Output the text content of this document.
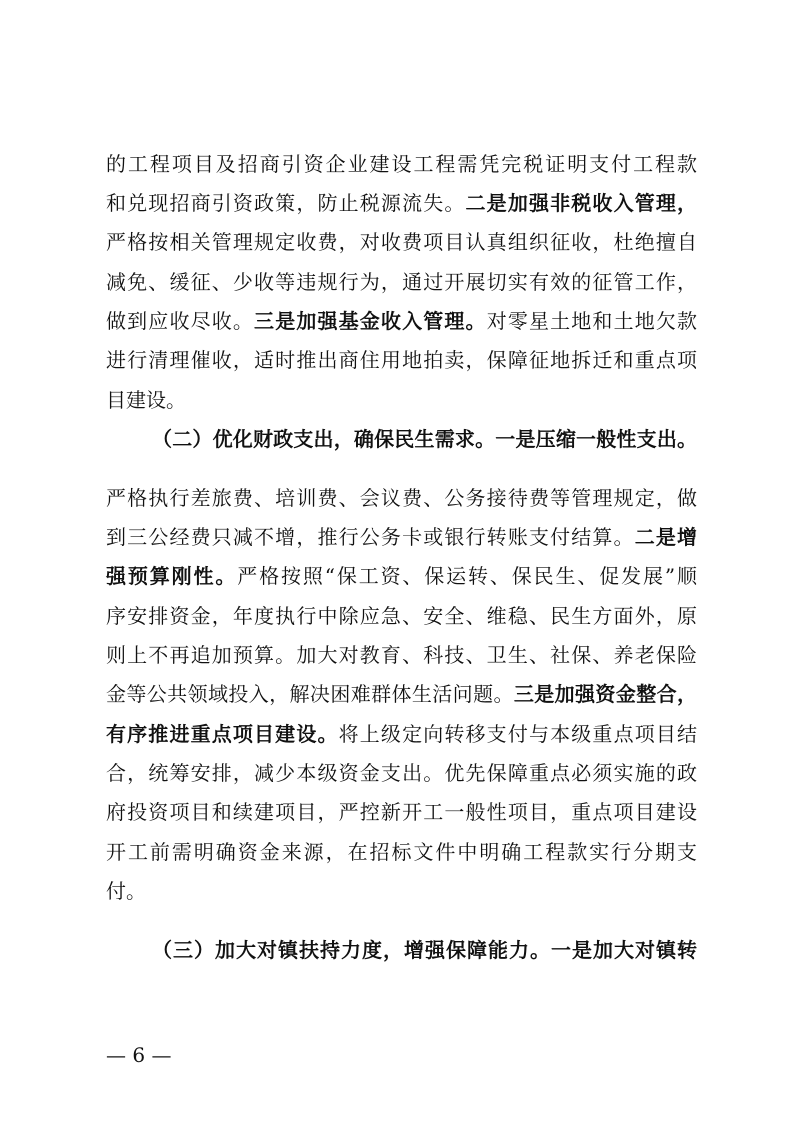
的工程项目及招商引资企业建设工程需凭完税证明支付工程款
和兑现招商引资政策，防止税源流失。二是加强非税收入管理，
严格按相关管理规定收费，对收费项目认真组织征收，杜绝擅自
减免、缓征、少收等违规行为，通过开展切实有效的征管工作，
做到应收尽收。三是加强基金收入管理。对零星土地和土地欠款
进行清理催收，适时推出商住用地拍卖，保障征地拆迁和重点项
目建设。
（二）优化财政支出，确保民生需求。一是压缩一般性支出。
严格执行差旅费、培训费、会议费、公务接待费等管理规定，做
到三公经费只减不增，推行公务卡或银行转账支付结算。二是增
强预算刚性。严格按照“保工资、保运转、保民生、促发展”顺
序安排资金，年度执行中除应急、安全、维稳、民生方面外，原
则上不再追加预算。加大对教育、科技、卫生、社保、养老保险
金等公共领域投入，解决困难群体生活问题。三是加强资金整合，
有序推进重点项目建设。将上级定向转移支付与本级重点项目结
合，统筹安排，减少本级资金支出。优先保障重点必须实施的政
府投资项目和续建项目，严控新开工一般性项目，重点项目建设
开工前需明确资金来源，在招标文件中明确工程款实行分期支
付。
（三）加大对镇扶持力度，增强保障能力。一是加大对镇转
— 6 —
